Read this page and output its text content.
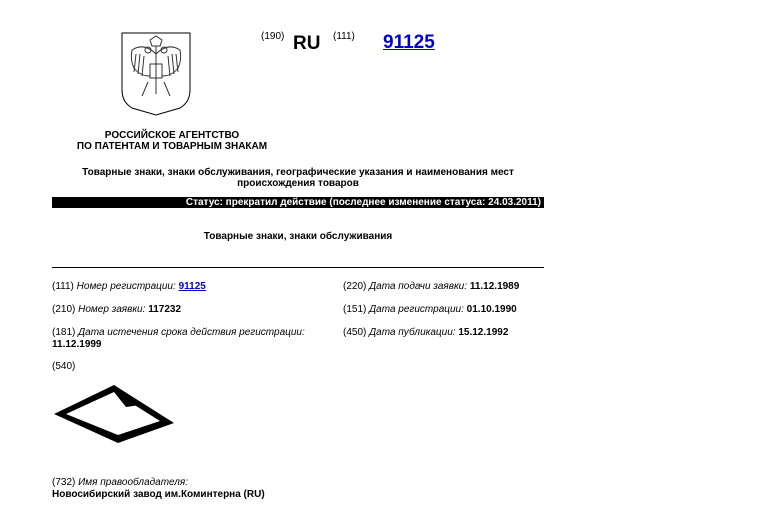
(190) RU (111) 91125
РОССИЙСКОЕ АГЕНТСТВО
ПО ПАТЕНТАМ И ТОВАРНЫМ ЗНАКАМ
Товарные знаки, знаки обслуживания, географические указания и наименования мест
происхождения товаров
Статус: прекратил действие (последнее изменение статуса: 24.03.2011)
Товарные знаки, знаки обслуживания
(111) Номер регистрации: 91125
(210) Номер заявки: 117232
(181) Дата истечения срока действия регистрации:
11.12.1999
(540)
(220) Дата подачи заявки: 11.12.1989
(151) Дата регистрации: 01.10.1990
(450) Дата публикации: 15.12.1992
(732) Имя правообладателя:
Новосибирский завод им.Коминтерна (RU)
